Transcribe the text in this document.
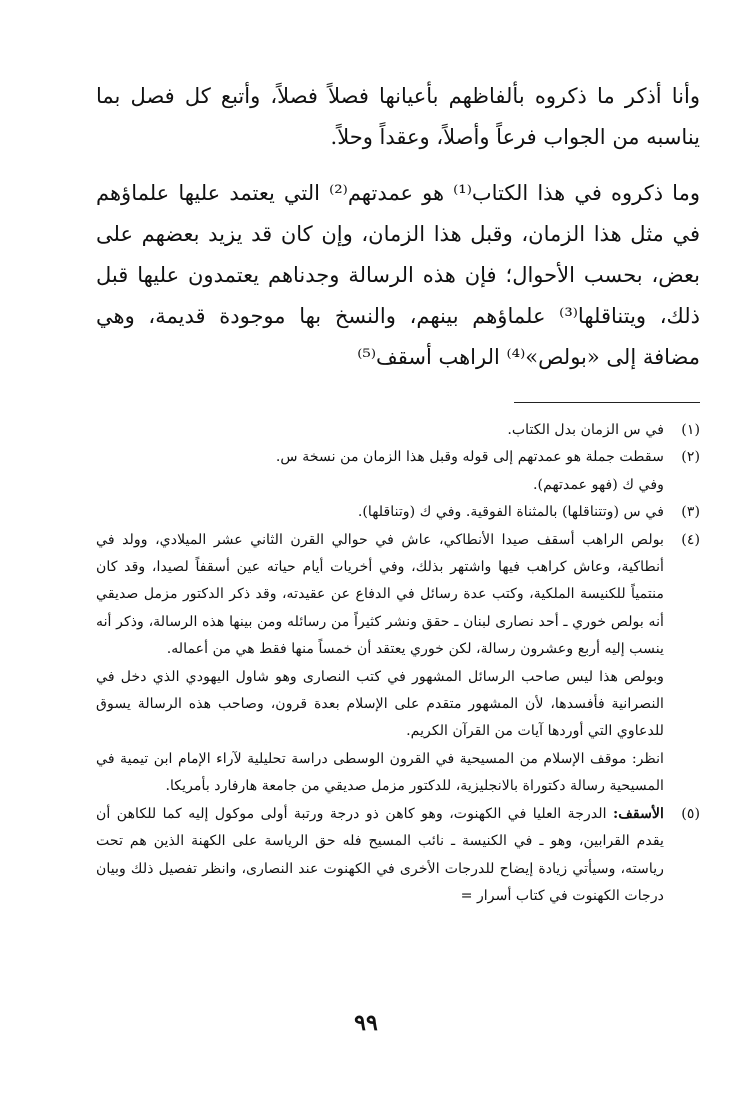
وأنا أذكر ما ذكروه بألفاظهم بأعيانها فصلاً فصلاً، وأتبع كل فصل بما يناسبه من الجواب فرعاً وأصلاً، وعقداً وحلاً.

وما ذكروه في هذا الكتاب⁽¹⁾ هو عمدتهم⁽²⁾ التي يعتمد عليها علماؤهم في مثل هذا الزمان، وقبل هذا الزمان، وإن كان قد يزيد بعضهم على بعض، بحسب الأحوال؛ فإن هذه الرسالة وجدناهم يعتمدون عليها قبل ذلك، ويتناقلها⁽³⁾ علماؤهم بينهم، والنسخ بها موجودة قديمة، وهي مضافة إلى «بولص»⁽⁴⁾ الراهب أسقف⁽⁵⁾

(١)

في س الزمان بدل الكتاب.

(٢)

سقطت جملة هو عمدتهم إلى قوله وقبل هذا الزمان من نسخة س.

وفي ك (فهو عمدتهم).

(٣)

في س (وتتناقلها) بالمثناة الفوقية. وفي ك (وتناقلها).

(٤)

بولص الراهب أسقف صيدا الأنطاكي، عاش في حوالي القرن الثاني عشر الميلادي، وولد في أنطاكية، وعاش كراهب فيها واشتهر بذلك، وفي أخريات أيام حياته عين أسقفاً لصيدا، وقد كان منتمياً للكنيسة الملكية، وكتب عدة رسائل في الدفاع عن عقيدته، وقد ذكر الدكتور مزمل صديقي أنه بولص خوري ـ أحد نصارى لبنان ـ حقق ونشر كثيراً من رسائله ومن بينها هذه الرسالة، وذكر أنه ينسب إليه أربع وعشرون رسالة، لكن خوري يعتقد أن خمساً منها فقط هي من أعماله.

وبولص هذا ليس صاحب الرسائل المشهور في كتب النصارى وهو شاول اليهودي الذي دخل في النصرانية فأفسدها، لأن المشهور متقدم على الإسلام بعدة قرون، وصاحب هذه الرسالة يسوق للدعاوي التي أوردها آيات من القرآن الكريم.

انظر: موقف الإسلام من المسيحية في القرون الوسطى دراسة تحليلية لآراء الإمام ابن تيمية في المسيحية رسالة دكتوراة بالانجليزية، للدكتور مزمل صديقي من جامعة هارفارد بأمريكا.

(٥)

الأسقف: الدرجة العليا في الكهنوت، وهو كاهن ذو درجة ورتبة أولى موكول إليه كما للكاهن أن يقدم القرابين، وهو ـ في الكنيسة ـ نائب المسيح فله حق الرياسة على الكهنة الذين هم تحت رياسته، وسيأتي زيادة إيضاح للدرجات الأخرى في الكهنوت عند النصارى، وانظر تفصيل ذلك وبيان درجات الكهنوت في كتاب أسرار =

٩٩
